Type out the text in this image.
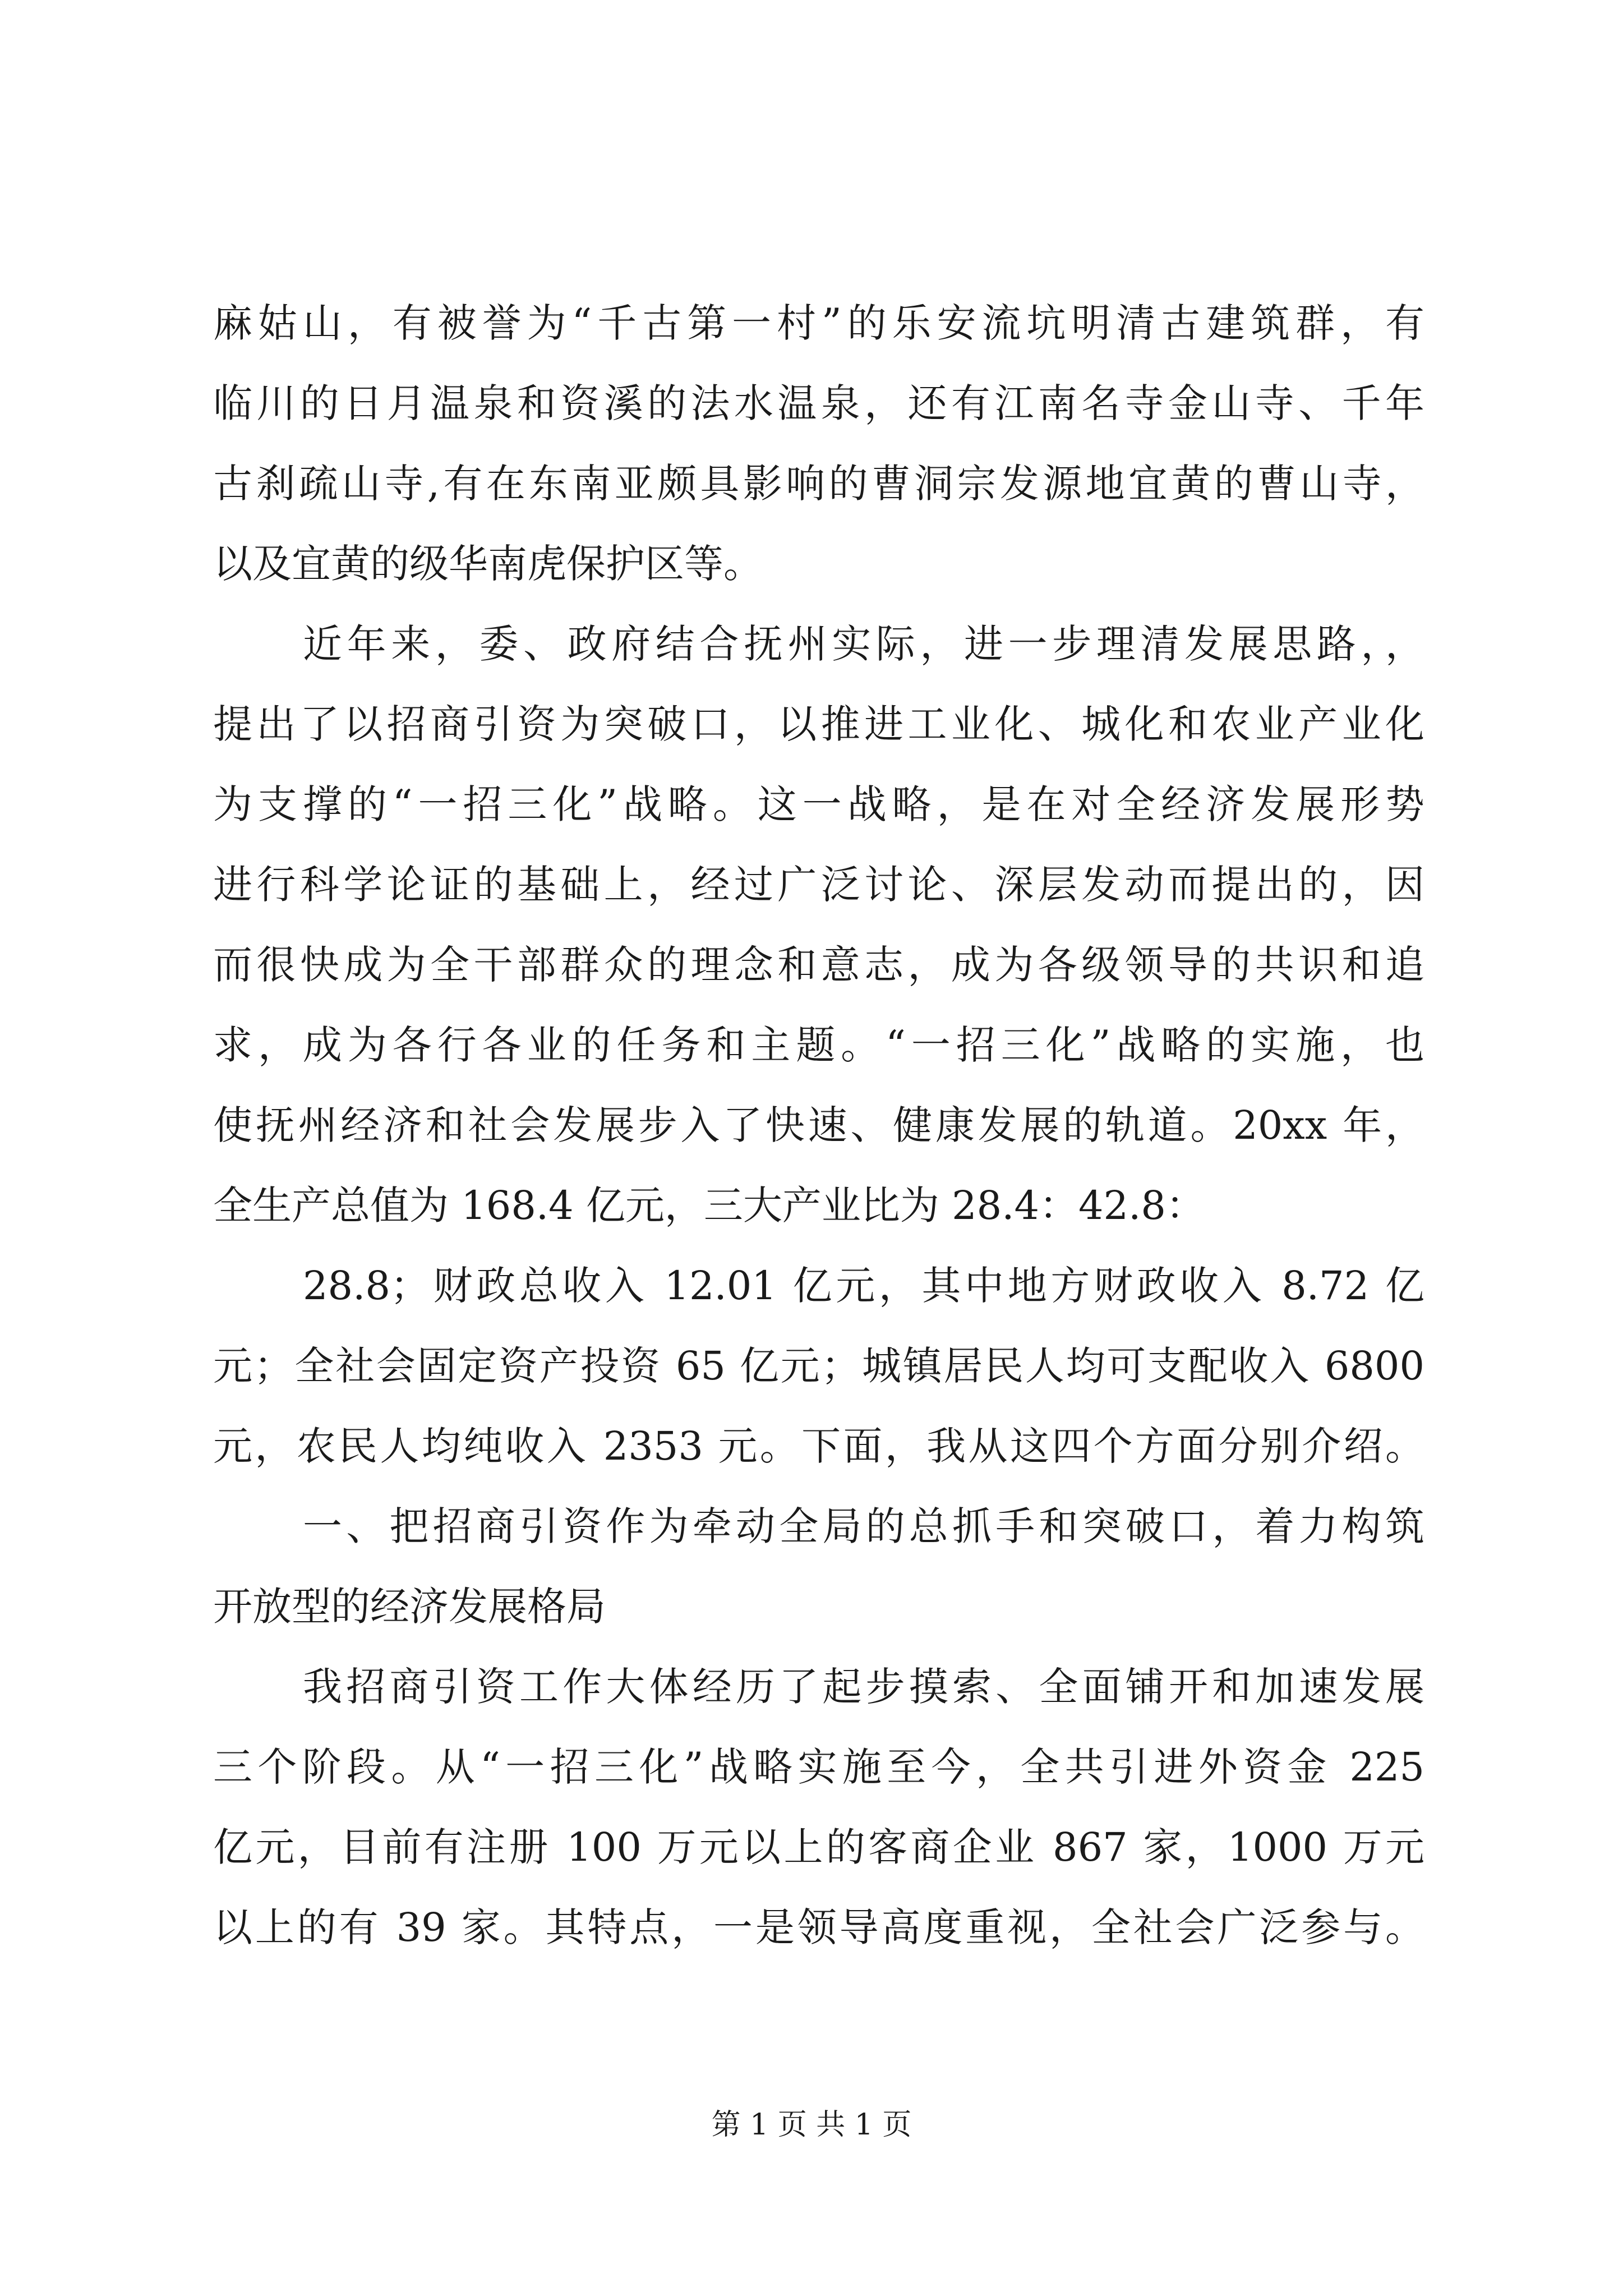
麻姑山，有被誉为“千古第一村”的乐安流坑明清古建筑群，有
临川的日月温泉和资溪的法水温泉，还有江南名寺金山寺、千年
古刹疏山寺,有在东南亚颇具影响的曹洞宗发源地宜黄的曹山寺，
以及宜黄的级华南虎保护区等。
近年来，委、政府结合抚州实际，进一步理清发展思路，，
提出了以招商引资为突破口，以推进工业化、城化和农业产业化
为支撑的“一招三化”战略。这一战略，是在对全经济发展形势
进行科学论证的基础上，经过广泛讨论、深层发动而提出的，因
而很快成为全干部群众的理念和意志，成为各级领导的共识和追
求，成为各行各业的任务和主题。“一招三化”战略的实施，也
使抚州经济和社会发展步入了快速、健康发展的轨道。20xx 年，
全生产总值为 168.4 亿元，三大产业比为 28.4：42.8：
28.8；财政总收入 12.01 亿元，其中地方财政收入 8.72 亿
元；全社会固定资产投资 65 亿元；城镇居民人均可支配收入 6800
元，农民人均纯收入 2353 元。下面，我从这四个方面分别介绍。
一、把招商引资作为牵动全局的总抓手和突破口，着力构筑
开放型的经济发展格局
我招商引资工作大体经历了起步摸索、全面铺开和加速发展
三个阶段。从“一招三化”战略实施至今，全共引进外资金 225
亿元，目前有注册 100 万元以上的客商企业 867 家，1000 万元
以上的有 39 家。其特点，一是领导高度重视，全社会广泛参与。
第 1 页 共 1 页
